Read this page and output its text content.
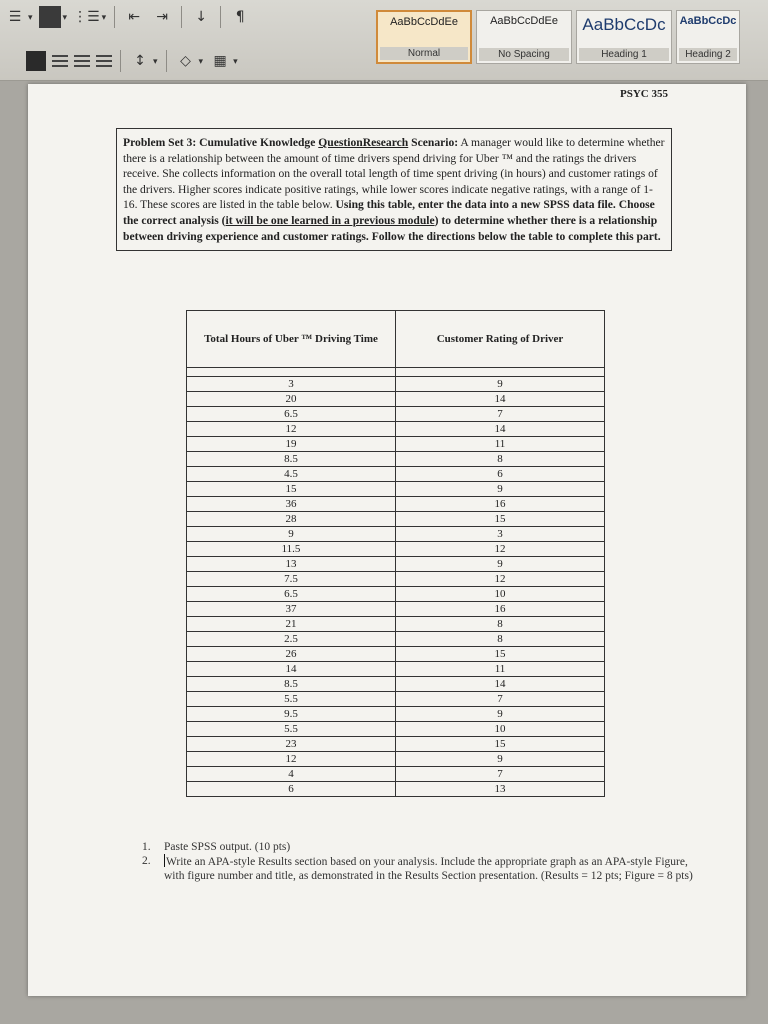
☰ ▾	▾ ⋮☰ ▾	⇤	⇥	↓	¶
↕ ▾	◇ ▾ ▦ ▾
AaBbCcDdEe
Normal
AaBbCcDdEe
No Spacing
AaBbCcDc
Heading 1
AaBbCcDc
Heading 2
PSYC 355
Problem Set 3: Cumulative Knowledge QuestionResearch Scenario: A manager would like to determine whether there is a relationship between the amount of time drivers spend driving for Uber ™ and the ratings the drivers receive. She collects information on the overall total length of time spent driving (in hours) and customer ratings of the drivers. Higher scores indicate positive ratings, while lower scores indicate negative ratings, with a range of 1-16. These scores are listed in the table below. Using this table, enter the data into a new SPSS data file. Choose the correct analysis (it will be one learned in a previous module) to determine whether there is a relationship between driving experience and customer ratings. Follow the directions below the table to complete this part.
Total Hours of Uber ™ Driving Time	Customer Rating of Driver

3	9
20	14
6.5	7
12	14
19	11
8.5	8
4.5	6
15	9
36	16
28	15
9	3
11.5	12
13	9
7.5	12
6.5	10
37	16
21	8
2.5	8
26	15
14	11
8.5	14
5.5	7
9.5	9
5.5	10
23	15
12	9
4	7
6	13
1.	Paste SPSS output. (10 pts)
2.	Write an APA-style Results section based on your analysis. Include the appropriate graph as an APA-style Figure, with figure number and title, as demonstrated in the Results Section presentation. (Results = 12 pts; Figure = 8 pts)
